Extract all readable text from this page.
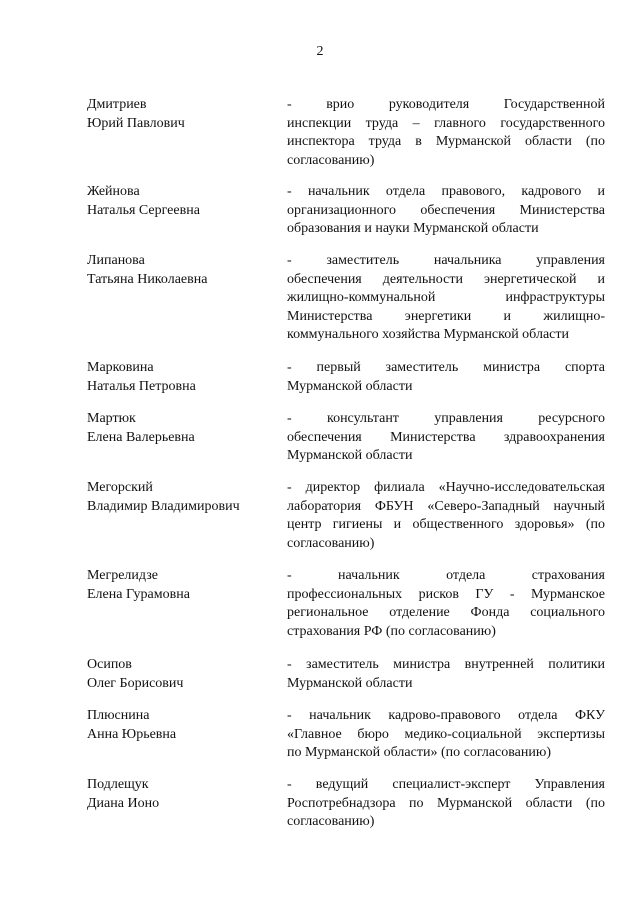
2
Дмитриев
Юрий Павлович
- врио руководителя Государственной
инспекции труда – главного государственного
инспектора труда в Мурманской области (по
согласованию)
Жейнова
Наталья Сергеевна
- начальник отдела правового, кадрового и
организационного обеспечения Министерства
образования и науки Мурманской области
Липанова
Татьяна Николаевна
- заместитель начальника управления
обеспечения деятельности энергетической и
жилищно-коммунальной инфраструктуры
Министерства энергетики и жилищно-
коммунального хозяйства Мурманской области
Марковина
Наталья Петровна
- первый заместитель министра спорта
Мурманской области
Мартюк
Елена Валерьевна
- консультант управления ресурсного
обеспечения Министерства здравоохранения
Мурманской области
Мегорский
Владимир Владимирович
- директор филиала «Научно-исследовательская
лаборатория ФБУН «Северо-Западный научный
центр гигиены и общественного здоровья» (по
согласованию)
Мегрелидзе
Елена Гурамовна
- начальник отдела страхования
профессиональных рисков ГУ - Мурманское
региональное отделение Фонда социального
страхования РФ (по согласованию)
Осипов
Олег Борисович
- заместитель министра внутренней политики
Мурманской области
Плюснина
Анна Юрьевна
- начальник кадрово-правового отдела ФКУ
«Главное бюро медико-социальной экспертизы
по Мурманской области» (по согласованию)
Подлещук
Диана Ионо
- ведущий специалист-эксперт Управления
Роспотребнадзора по Мурманской области (по
согласованию)
